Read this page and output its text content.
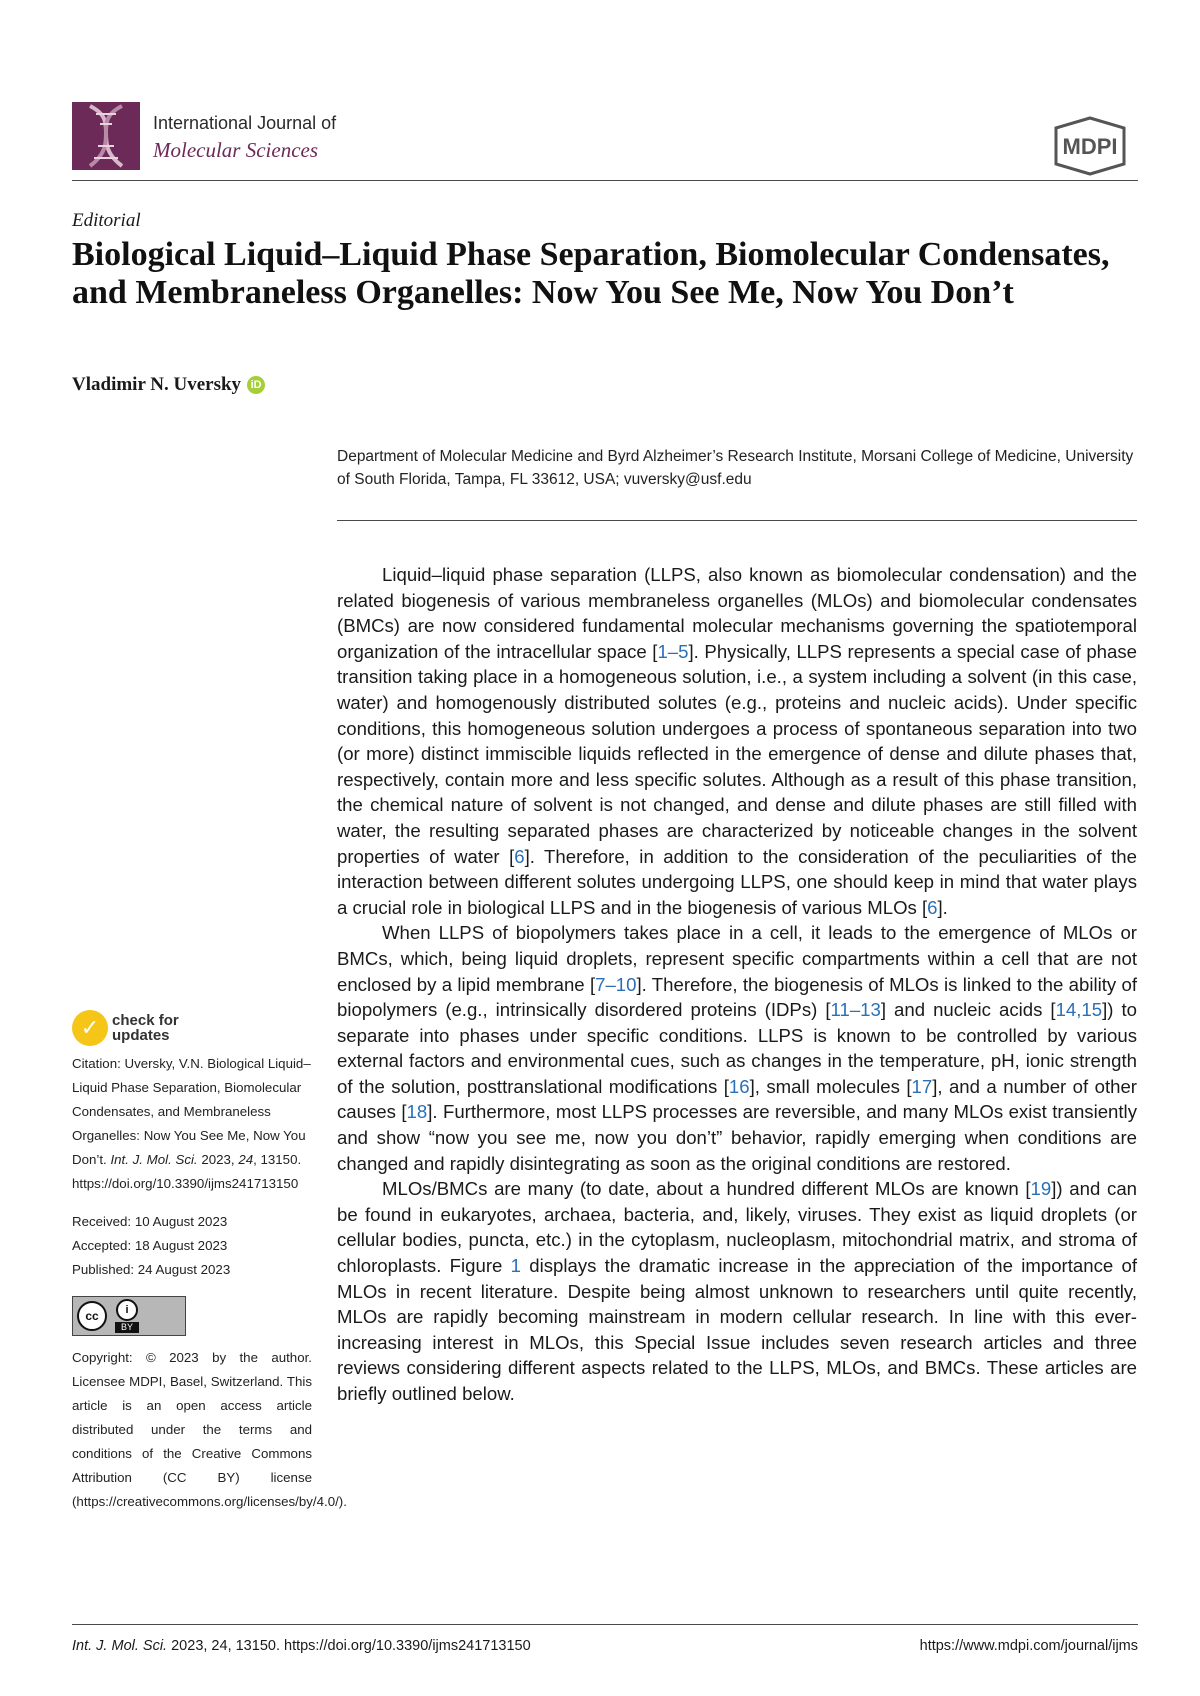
International Journal of
Molecular Sciences	MDPI
Editorial
Biological Liquid–Liquid Phase Separation, Biomolecular Condensates, and Membraneless Organelles: Now You See Me, Now You Don’t
Vladimir N. Uversky iD
Department of Molecular Medicine and Byrd Alzheimer’s Research Institute, Morsani College of Medicine, University of South Florida, Tampa, FL 33612, USA; vuversky@usf.edu

Liquid–liquid phase separation (LLPS, also known as biomolecular condensation) and the related biogenesis of various membraneless organelles (MLOs) and biomolecular condensates (BMCs) are now considered fundamental molecular mechanisms governing the spatiotemporal organization of the intracellular space [1–5]. Physically, LLPS represents a special case of phase transition taking place in a homogeneous solution, i.e., a system including a solvent (in this case, water) and homogenously distributed solutes (e.g., proteins and nucleic acids). Under specific conditions, this homogeneous solution undergoes a process of spontaneous separation into two (or more) distinct immiscible liquids reflected in the emergence of dense and dilute phases that, respectively, contain more and less specific solutes. Although as a result of this phase transition, the chemical nature of solvent is not changed, and dense and dilute phases are still filled with water, the resulting separated phases are characterized by noticeable changes in the solvent properties of water [6]. Therefore, in addition to the consideration of the peculiarities of the interaction between different solutes undergoing LLPS, one should keep in mind that water plays a crucial role in biological LLPS and in the biogenesis of various MLOs [6].

When LLPS of biopolymers takes place in a cell, it leads to the emergence of MLOs or BMCs, which, being liquid droplets, represent specific compartments within a cell that are not enclosed by a lipid membrane [7–10]. Therefore, the biogenesis of MLOs is linked to the ability of biopolymers (e.g., intrinsically disordered proteins (IDPs) [11–13] and nucleic acids [14,15]) to separate into phases under specific conditions. LLPS is known to be controlled by various external factors and environmental cues, such as changes in the temperature, pH, ionic strength of the solution, posttranslational modifications [16], small molecules [17], and a number of other causes [18]. Furthermore, most LLPS processes are reversible, and many MLOs exist transiently and show “now you see me, now you don’t” behavior, rapidly emerging when conditions are changed and rapidly disintegrating as soon as the original conditions are restored.

MLOs/BMCs are many (to date, about a hundred different MLOs are known [19]) and can be found in eukaryotes, archaea, bacteria, and, likely, viruses. They exist as liquid droplets (or cellular bodies, puncta, etc.) in the cytoplasm, nucleoplasm, mitochondrial matrix, and stroma of chloroplasts. Figure 1 displays the dramatic increase in the appreciation of the importance of MLOs in recent literature. Despite being almost unknown to researchers until quite recently, MLOs are rapidly becoming mainstream in modern cellular research. In line with this ever-increasing interest in MLOs, this Special Issue includes seven research articles and three reviews considering different aspects related to the LLPS, MLOs, and BMCs. These articles are briefly outlined below.

✓ check for
updates
Citation: Uversky, V.N. Biological Liquid–Liquid Phase Separation, Biomolecular Condensates, and Membraneless Organelles: Now You See Me, Now You Don’t. Int. J. Mol. Sci. 2023, 24, 13150. https://doi.org/10.3390/ijms241713150
Received: 10 August 2023
Accepted: 18 August 2023
Published: 24 August 2023
cc	i
BY
Copyright: © 2023 by the author. Licensee MDPI, Basel, Switzerland. This article is an open access article distributed under the terms and conditions of the Creative Commons Attribution (CC BY) license (https://creativecommons.org/licenses/by/4.0/).
Int. J. Mol. Sci. 2023, 24, 13150. https://doi.org/10.3390/ijms241713150	https://www.mdpi.com/journal/ijms
